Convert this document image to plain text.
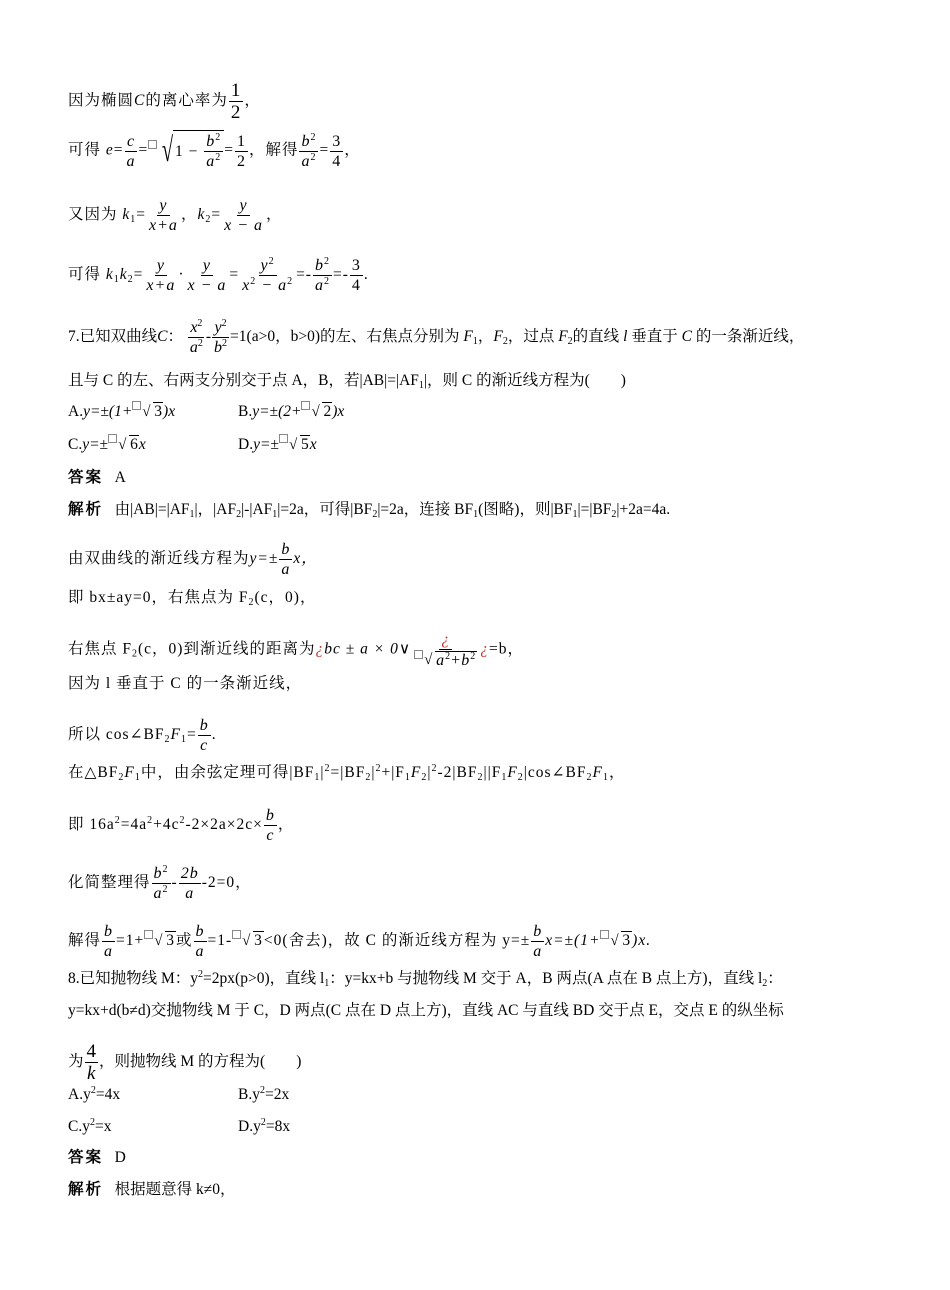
因为椭圆C的离心率为 $\frac{1}{2}$ ，
可得 $e= \frac{c}{a}$ = √ 1 −
$\frac{b^2}{a^2} = \frac{1}{2}$ ，解得 $\frac{b^2}{a^2} = \frac{3}{4}$ ，
又因为 $k_1= \frac{y}{x+a}$ ，$k_2= \frac{y}{x - a}$ ，
可得 $k_1k_2= \frac{y}{x+a} \cdot \frac{y}{x - a} = \frac{y^2}{x^2 - a^2} =- \frac{b^2}{a^2} =- \frac{3}{4}$ .
7.已知双曲线C： $\frac{x^2}{a^2} - \frac{y^2}{b^2} =1(a>0$，b>0)的左、右焦点分别为 $F_1$，$F_2$，过点 $F_2$的直线 l 垂直于 C 的一条渐近线，
且与 C 的左、右两支分别交于点 A，B，若$|AB|=|AF_1|$，则 C 的渐近线方程为(　　)
A.y=±(1+√ 3)x	B.y=±(2+√ 2)x
C.y=±√ 6x	D.y=±√ 5x
答案 A
解析 由$|AB|=|AF_1|$，$|AF_2|-|AF_1|=2a$，可得$|BF_2|=2a$，连接 $BF_1$(图略)，则$|BF_1|=|BF_2|+2a=4a$.
由双曲线的渐近线方程为$y=\pm \frac{b}{a}$ x，
即 bx±ay=0，右焦点为 $F_2(c$，0)，
右焦点 $F_2(c$，0)到渐近线的距离为¿bc ± a × 0∨ ¿
√ $a^2+b^2$ ¿=b，
因为 l 垂直于 C 的一条渐近线，
所以 $\cos\angle BF_2F_1= \frac{b}{c}$ .
在$\triangle BF_2F_1$中，由余弦定理可得$|BF_1|^2=|BF_2|^2+|F_1F_2|^2-2|BF_2||F_1F_2|\cos\angle BF_2F_1$，
即 $16a^2=4a^2+4c^2-2\times 2a\times 2c\times \frac{b}{c}$ ，
化简整理得 $\frac{b^2}{a^2} - \frac{2b}{a} -2=0$，
解得 $\frac{b}{a} =1+√$ 3或 $\frac{b}{a} =1-√$ 3<0(舍去)，故 C 的渐近线方程为 $y=\pm \frac{b}{a} x=\pm(1+√$ 3)x.
8.已知抛物线 M：$y^2=2px(p>0)$，直线 $l_1$：y=kx+b 与抛物线 M 交于 A，B 两点(A 点在 B 点上方)，直线 $l_2$：
y=kx+d(b≠d)交抛物线 M 于 C，D 两点(C 点在 D 点上方)，直线 AC 与直线 BD 交于点 E，交点 E 的纵坐标
为 $\frac{4}{k}$ ，则抛物线 M 的方程为(　　)
$A.y^2=4x$	$B.y^2=2x$
$C.y^2=x$	$D.y^2=8x$
答案 D
解析 根据题意得 k≠0，
